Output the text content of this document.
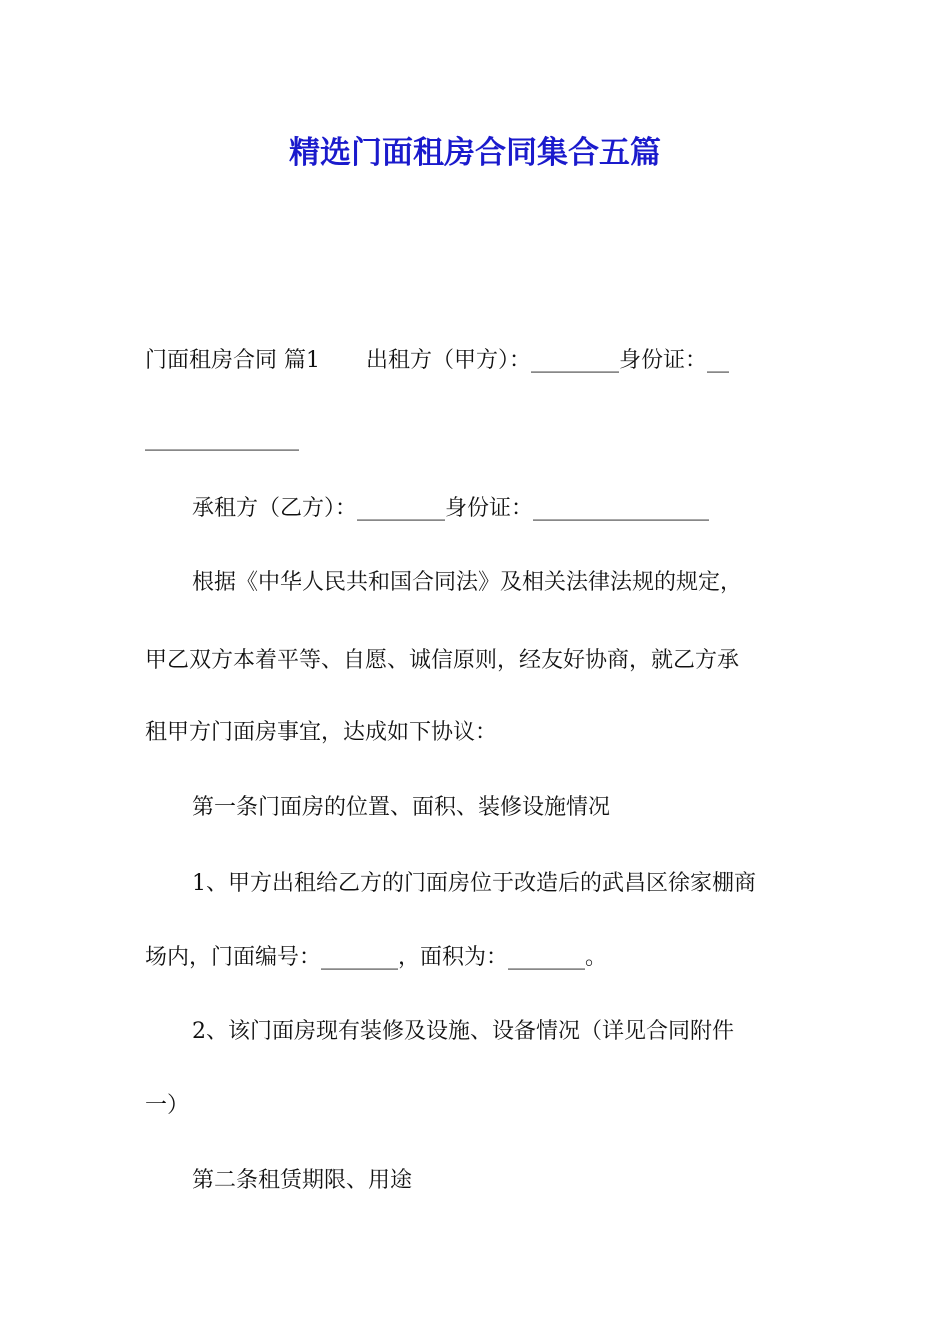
精选门面租房合同集合五篇

门面租房合同 篇1 出租方（甲方）：________身份证：__

______________

承租方（乙方）：________身份证：________________

根据《中华人民共和国合同法》及相关法律法规的规定，

甲乙双方本着平等、自愿、诚信原则，经友好协商，就乙方承

租甲方门面房事宜，达成如下协议：

第一条门面房的位置、面积、装修设施情况

1、甲方出租给乙方的门面房位于改造后的武昌区徐家棚商

场内，门面编号：_______，面积为：_______。

2、该门面房现有装修及设施、设备情况（详见合同附件

一）

第二条租赁期限、用途
